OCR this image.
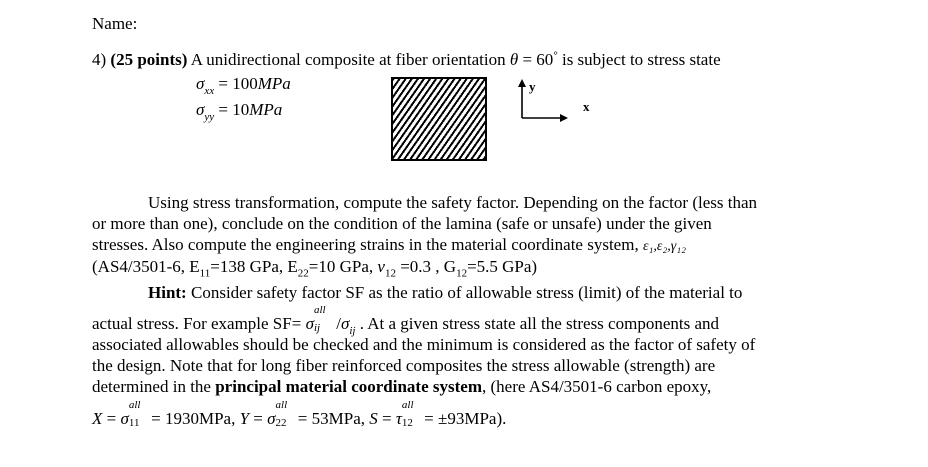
Name:
4) (25 points) A unidirectional composite at fiber orientation θ = 60° is subject to stress state
$\sigma_{xx} = 100MPa$
$\sigma_{yy} = 10MPa$
y
x
Using stress transformation, compute the safety factor. Depending on the factor (less than
or more than one), conclude on the condition of the lamina (safe or unsafe) under the given
stresses. Also compute the engineering strains in the material coordinate system, ε₁,ε₂,γ₁₂
(AS4/3501-6, $E_{11}=138$ GPa, $E_{22}=10$ GPa, $\nu_{12} =0.3$ , $G_{12}=5.5$ GPa)
Hint: Consider safety factor SF as the ratio of allowable stress (limit) of the material to
actual stress. For example SF= σ
all
ij $/\sigma_{ij}$ . At a given stress state all the stress components and
associated allowables should be checked and the minimum is considered as the factor of safety of
the design. Note that for long fiber reinforced composites the stress allowable (strength) are
determined in the principal material coordinate system, (here AS4/3501-6 carbon epoxy,
X = σ
all
11 = 1930MPa, Y = σ
all
22 = 53MPa, S = τ
all
12 = ±93MPa).
